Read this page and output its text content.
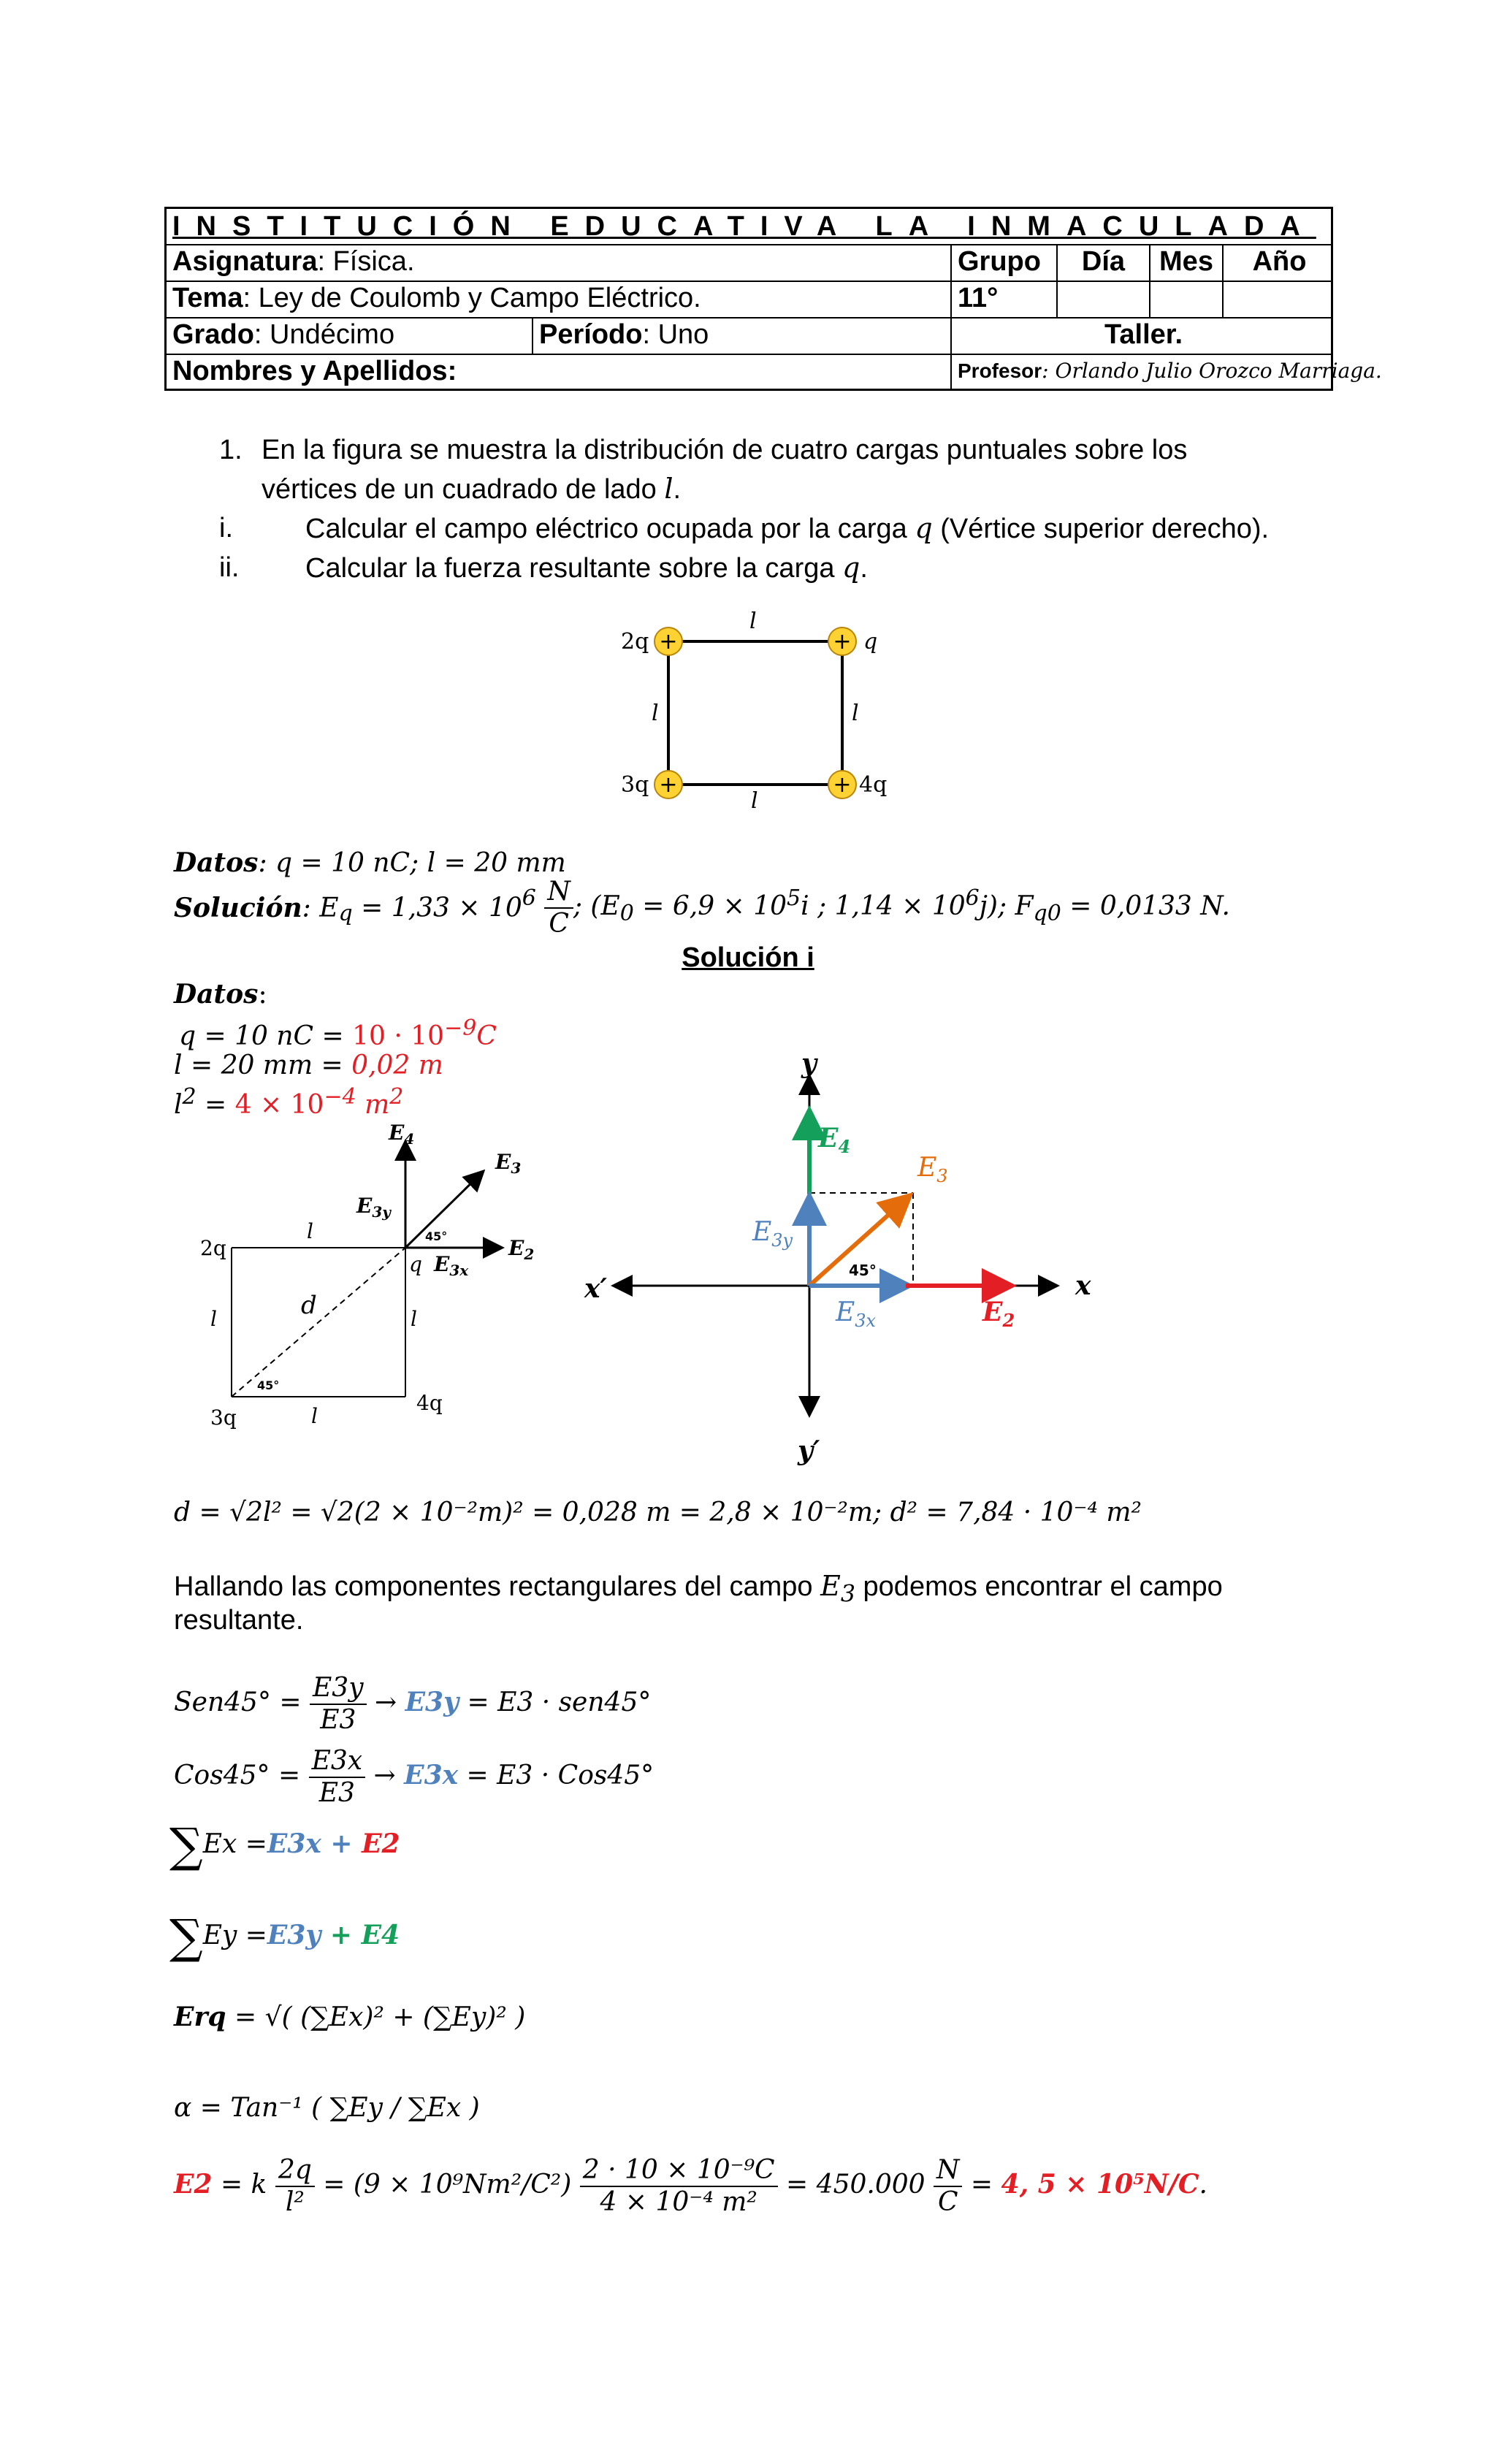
INSTITUCIÓN EDUCATIVA LA INMACULADA
Asignatura: Física.	Grupo	Día	Mes	Año
Tema: Ley de Coulomb y Campo Eléctrico.	11°
Grado: Undécimo	Período: Uno	Taller.
Nombres y Apellidos:	Profesor: Orlando Julio Orozco Marriaga.
1. En la figura se muestra la distribución de cuatro cargas puntuales sobre los
vértices de un cuadrado de lado l.
i.	Calcular el campo eléctrico ocupada por la carga q (Vértice superior derecho).
ii. Calcular la fuerza resultante sobre la carga q.
+	+
+	+
2q	q
3q	4q
l
l	l
l
Datos: q = 10 nC; l = 20 mm
Solución: $E_q = 1,33 \times 10^6 \frac{N}{C}$ ; ($E_0 = 6,9 \times 10^5i$ ; $1,14 \times 10^6j$); $F_{q0} = 0,0133$ N.
Solución i
Datos:
q = 10 nC = $10 \cdot 10^{-9}C$
l = 20 mm = 0,02 m
$l^2 = 4 \times 10^{-4}$ $m^2$
$E_4$
$E_3$
$E_{3y}$
$E_2$
$E_{3x}$
45°
45°
2q
q
3q
4q
l
l	l
l
d
y
y′
x
x′
$E_4$
$E_3$
$E_{3y}$
$E_{3x}$	$E_2$
45°
d = √2l² = √2(2 × 10⁻²m)² = 0,028 m = 2,8 × 10⁻²m; d² = 7,84 · 10⁻⁴ m²
Hallando las componentes rectangulares del campo $E_3$ podemos encontrar el campo
resultante.
$Sen45^\circ = \frac{E3y}{E3} \to E3y = E3 \cdot sen45^\circ$
$Cos45^\circ = \frac{E3x}{E3} \to E3x = E3 \cdot Cos45^\circ$
∑Ex =E3x + E2
∑Ey =E3y + E4
Erq = √( (∑Ex)² + (∑Ey)² )
α = Tan⁻¹ ( ∑Ey / ∑Ex )
E2 = k $\frac{2q}{\text{l²}} = (9 \times 10^9Nm^2/C^2) \frac{\text{2 · 10 × 10⁻⁹C}}{\text{4 × 10⁻⁴ m²}} = 450.000 \frac{N}{C} = 4$, 5 × 10⁵N/C.
